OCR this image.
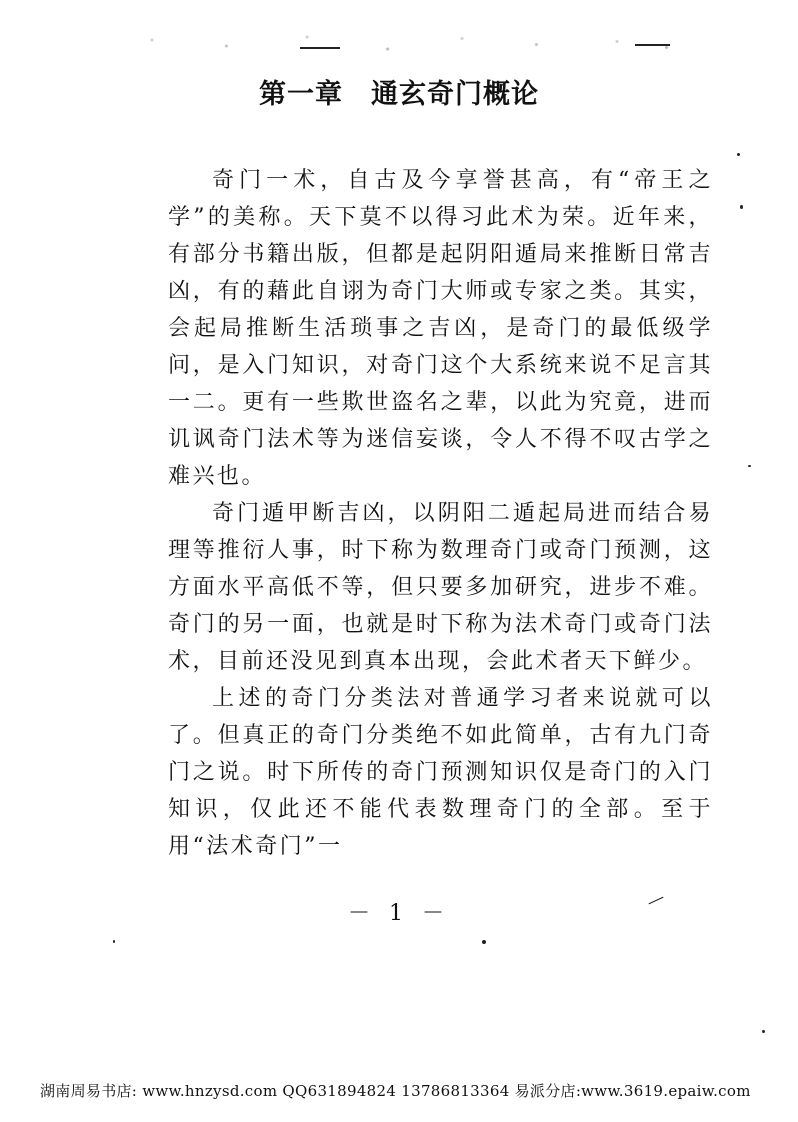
第一章 通玄奇门概论

奇门一术，自古及今享誉甚高，有“帝王之学”的美称。天下莫不以得习此术为荣。近年来，有部分书籍出版，但都是起阴阳遁局来推断日常吉凶，有的藉此自诩为奇门大师或专家之类。其实，会起局推断生活琐事之吉凶，是奇门的最低级学问，是入门知识，对奇门这个大系统来说不足言其一二。更有一些欺世盗名之辈，以此为究竟，进而讥讽奇门法术等为迷信妄谈，令人不得不叹古学之难兴也。

奇门遁甲断吉凶，以阴阳二遁起局进而结合易理等推衍人事，时下称为数理奇门或奇门预测，这方面水平高低不等，但只要多加研究，进步不难。奇门的另一面，也就是时下称为法术奇门或奇门法术，目前还没见到真本出现，会此术者天下鲜少。

上述的奇门分类法对普通学习者来说就可以了。但真正的奇门分类绝不如此简单，古有九门奇门之说。时下所传的奇门预测知识仅是奇门的入门知识，仅此还不能代表数理奇门的全部。至于用“法术奇门”一

－ 1 －
湖南周易书店: www.hnzysd.com QQ631894824 13786813364 易派分店:www.3619.epaiw.com
